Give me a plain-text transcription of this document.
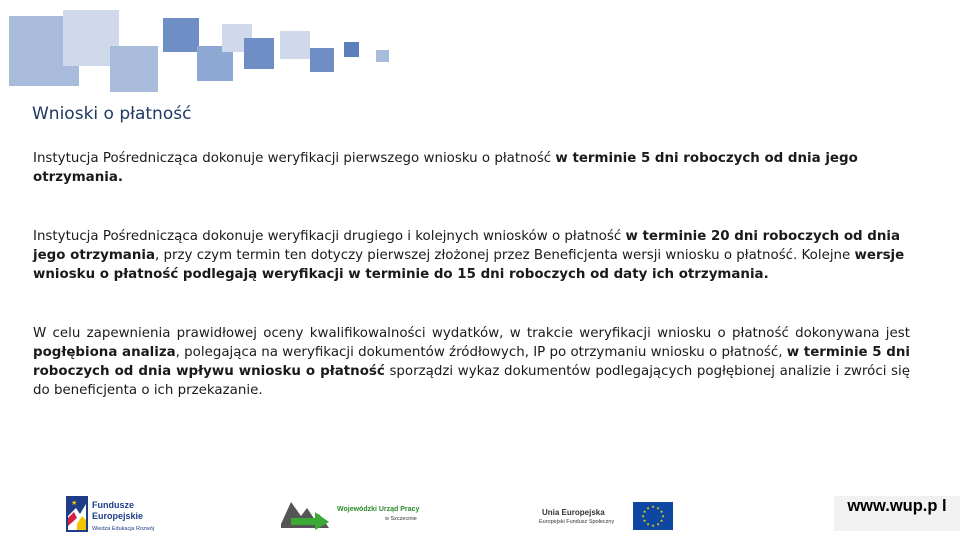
Wnioski o płatność
Instytucja Pośrednicząca dokonuje weryfikacji pierwszego wniosku o płatność w terminie 5 dni roboczych od dnia jego otrzymania.
Instytucja Pośrednicząca dokonuje weryfikacji drugiego i kolejnych wniosków o płatność w terminie 20 dni roboczych od dnia jego otrzymania, przy czym termin ten dotyczy pierwszej złożonej przez Beneficjenta wersji wniosku o płatność. Kolejne wersje wniosku o płatność podlegają weryfikacji w terminie do 15 dni roboczych od daty ich otrzymania.
W celu zapewnienia prawidłowej oceny kwalifikowalności wydatków, w trakcie weryfikacji wniosku o płatność dokonywana jest pogłębiona analiza, polegająca na weryfikacji dokumentów źródłowych, IP po otrzymaniu wniosku o płatność, w terminie 5 dni roboczych od dnia wpływu wniosku o płatność sporządzi wykaz dokumentów podlegających pogłębionej analizie i zwróci się do beneficjenta o ich przekazanie.
★ Fundusze
Europejskie
Wiedza Edukacja Rozwój
Wojewódzki Urząd Pracy
w Szczecinie
Unia Europejska
Europejski Fundusz Społeczny
★ ★
★
★
★
★
★
★
★
★
★
★	www.wup.p l
